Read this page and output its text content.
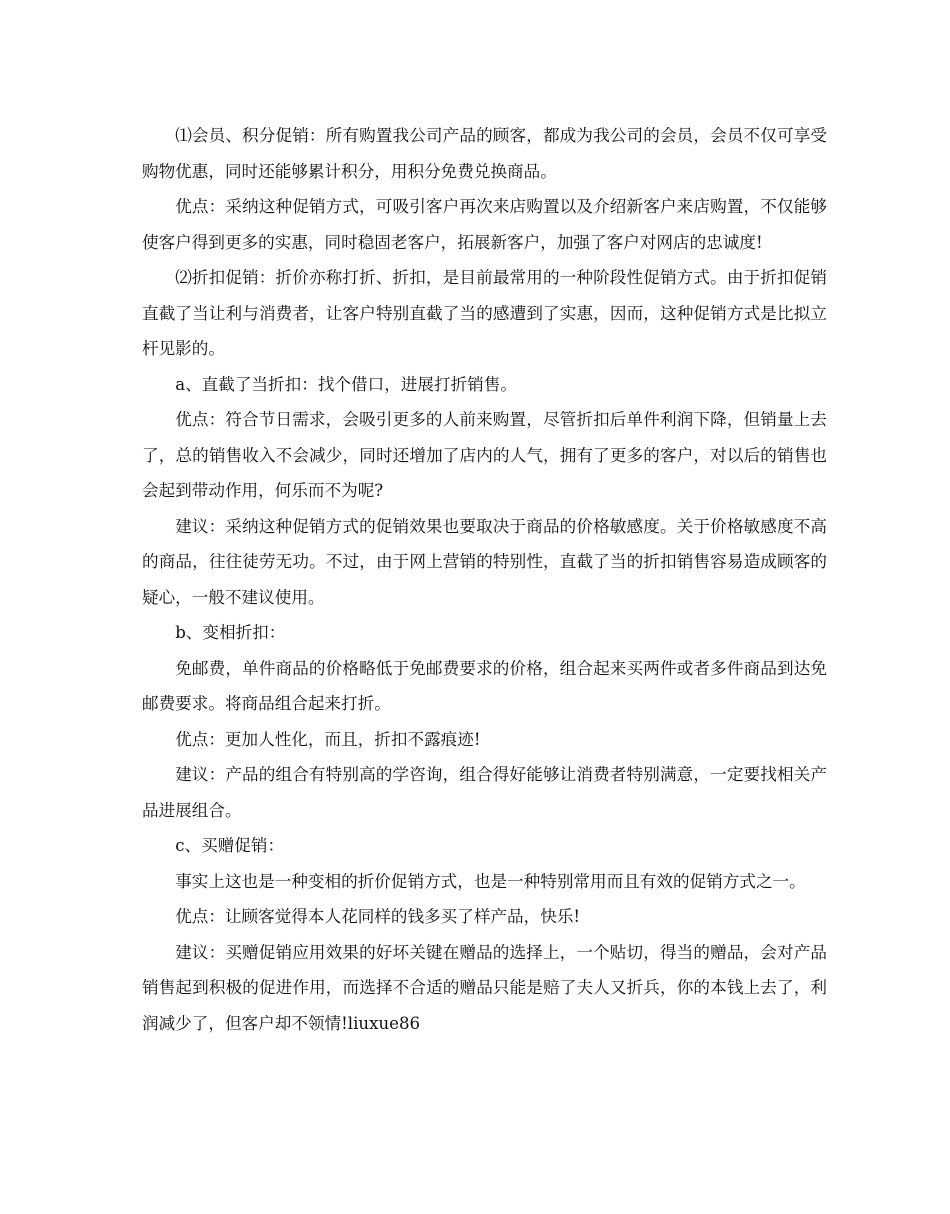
⑴会员、积分促销：所有购置我公司产品的顾客，都成为我公司的会员，会员不仅可享受购物优惠，同时还能够累计积分，用积分免费兑换商品。

优点：采纳这种促销方式，可吸引客户再次来店购置以及介绍新客户来店购置，不仅能够使客户得到更多的实惠，同时稳固老客户，拓展新客户，加强了客户对网店的忠诚度!

⑵折扣促销：折价亦称打折、折扣，是目前最常用的一种阶段性促销方式。由于折扣促销直截了当让利与消费者，让客户特别直截了当的感遭到了实惠，因而，这种促销方式是比拟立杆见影的。

a、直截了当折扣：找个借口，进展打折销售。

优点：符合节日需求，会吸引更多的人前来购置，尽管折扣后单件利润下降，但销量上去了，总的销售收入不会减少，同时还增加了店内的人气，拥有了更多的客户，对以后的销售也会起到带动作用，何乐而不为呢?

建议：采纳这种促销方式的促销效果也要取决于商品的价格敏感度。关于价格敏感度不高的商品，往往徒劳无功。不过，由于网上营销的特别性，直截了当的折扣销售容易造成顾客的疑心，一般不建议使用。

b、变相折扣：

免邮费，单件商品的价格略低于免邮费要求的价格，组合起来买两件或者多件商品到达免邮费要求。将商品组合起来打折。

优点：更加人性化，而且，折扣不露痕迹!

建议：产品的组合有特别高的学咨询，组合得好能够让消费者特别满意，一定要找相关产品进展组合。

c、买赠促销：

事实上这也是一种变相的折价促销方式，也是一种特别常用而且有效的促销方式之一。

优点：让顾客觉得本人花同样的钱多买了样产品，快乐!

建议：买赠促销应用效果的好坏关键在赠品的选择上，一个贴切，得当的赠品，会对产品销售起到积极的促进作用，而选择不合适的赠品只能是赔了夫人又折兵，你的本钱上去了，利润减少了，但客户却不领情!liuxue86
